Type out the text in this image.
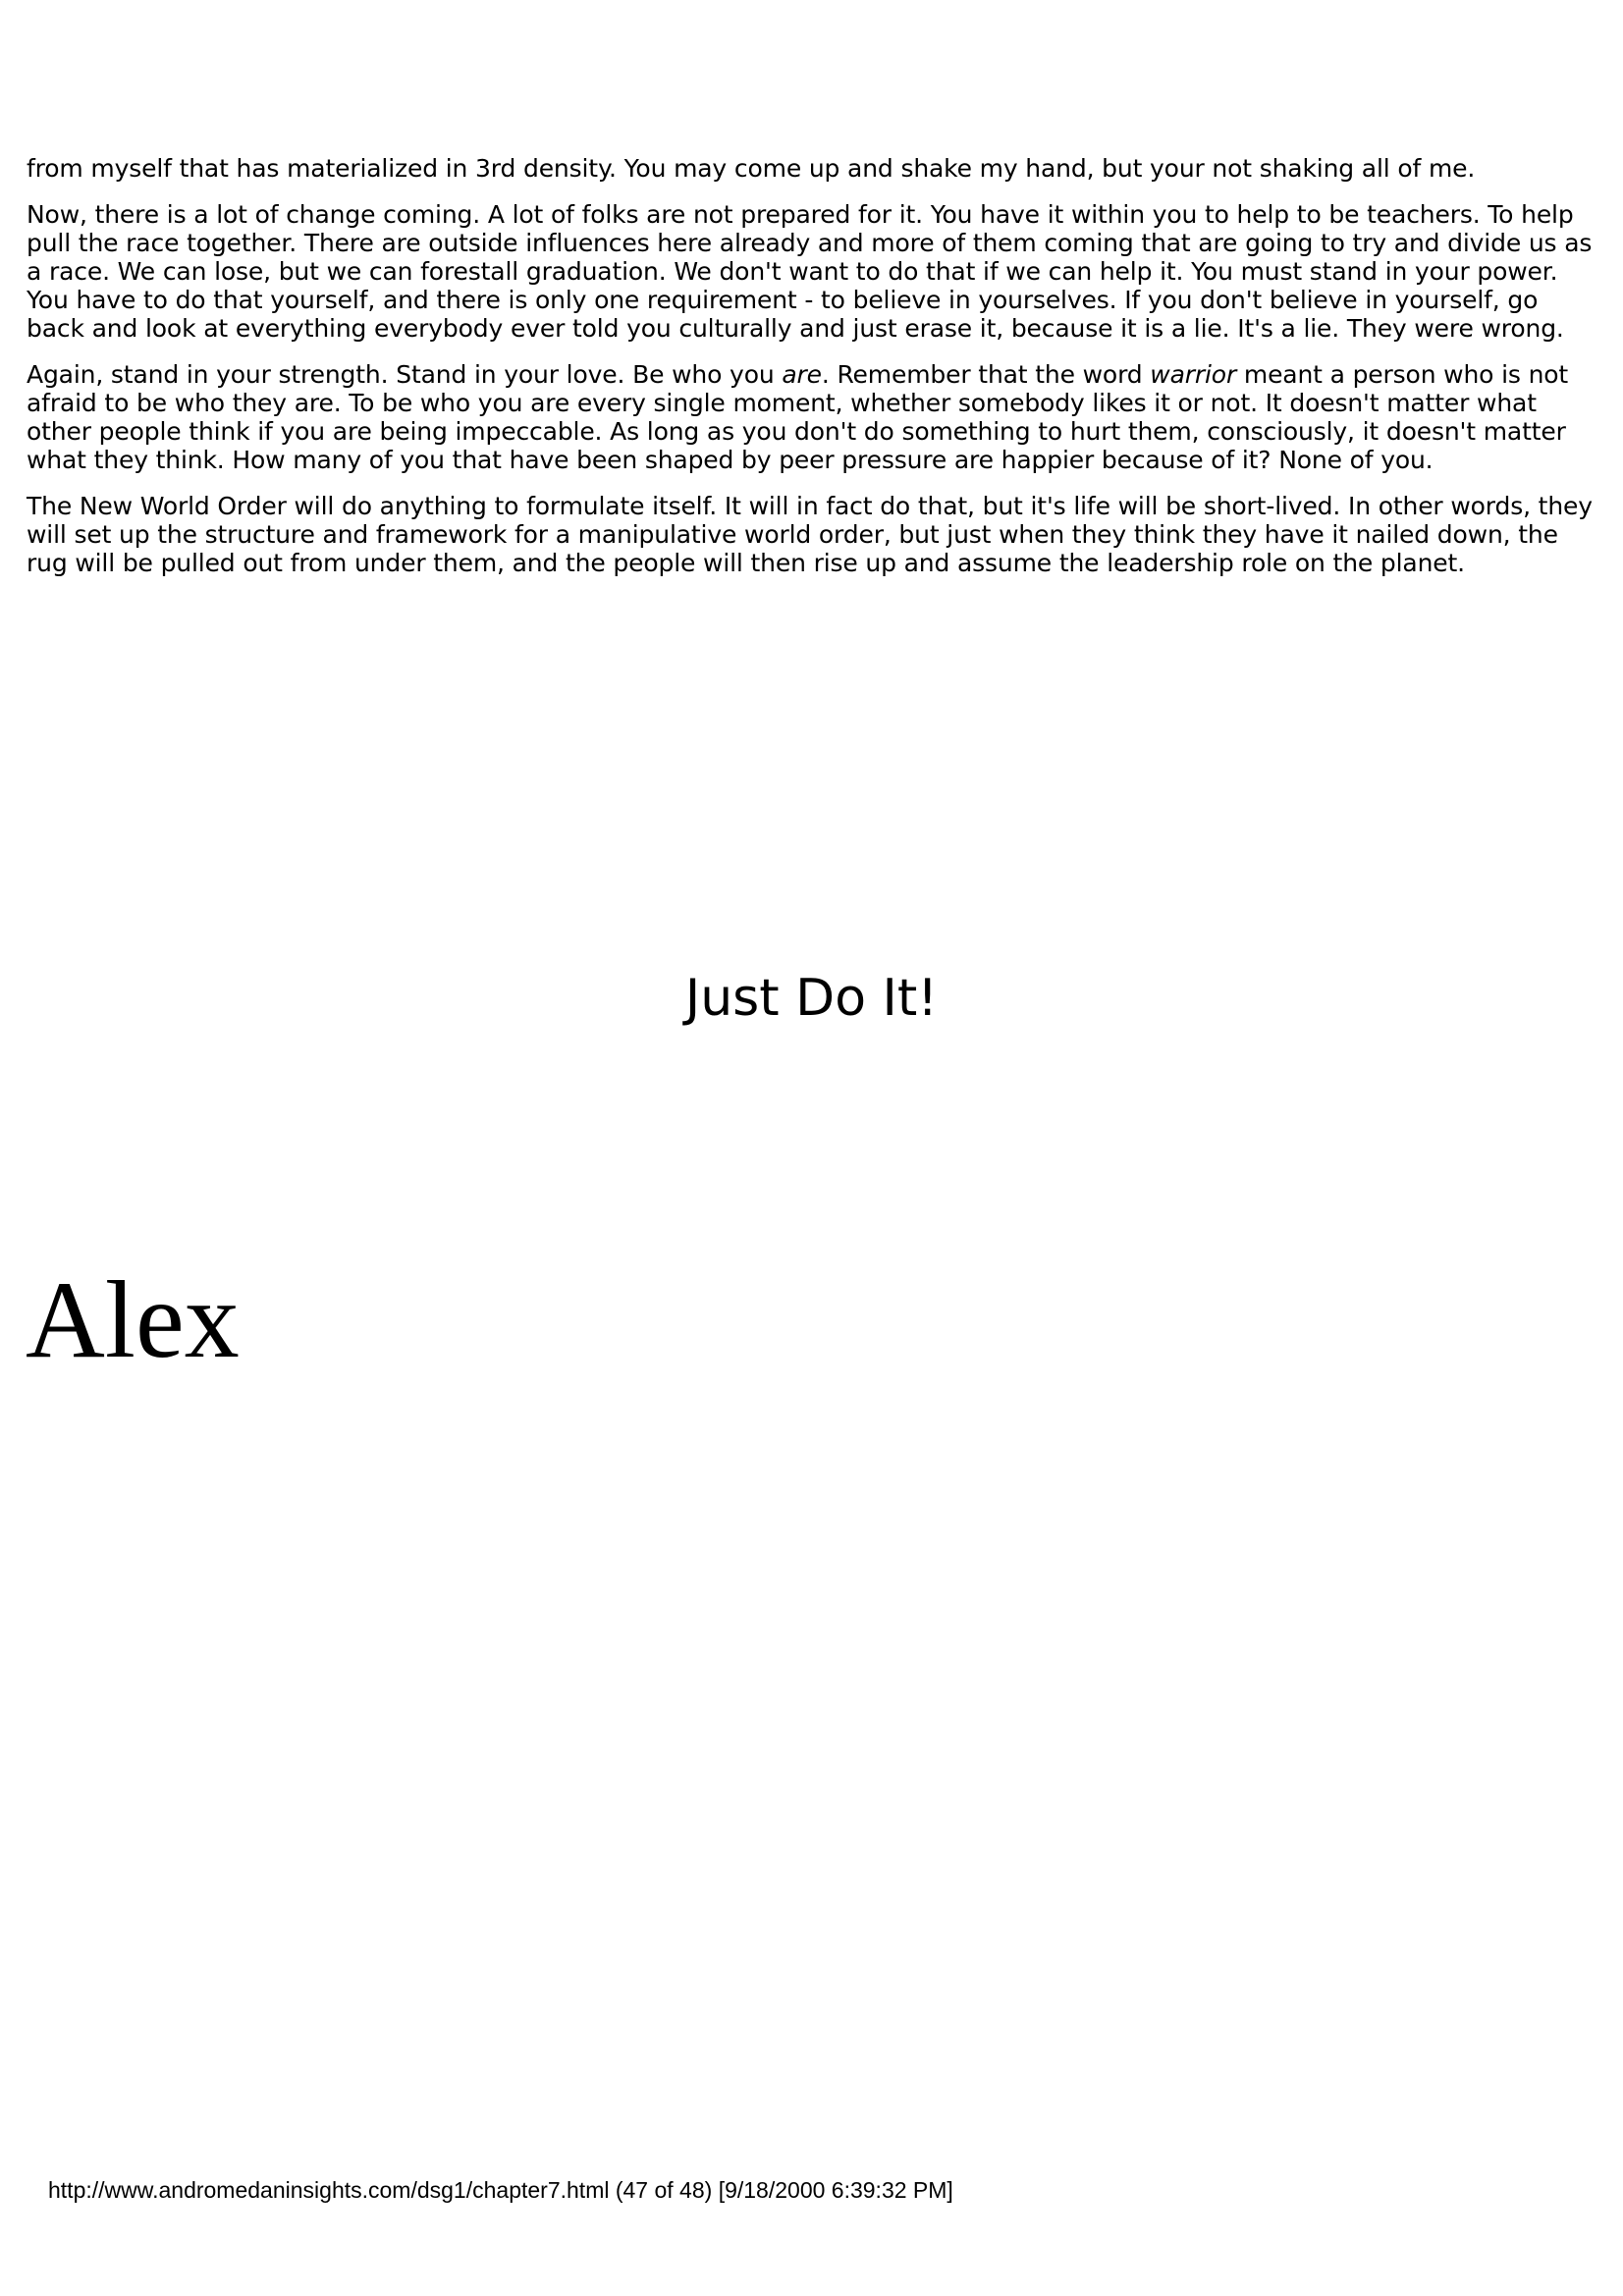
from myself that has materialized in 3rd density. You may come up and shake my hand, but your not shaking all of me.

Now, there is a lot of change coming. A lot of folks are not prepared for it. You have it within you to help to be teachers. To help pull the race together. There are outside influences here already and more of them coming that are going to try and divide us as a race. We can lose, but we can forestall graduation. We don't want to do that if we can help it. You must stand in your power. You have to do that yourself, and there is only one requirement - to believe in yourselves. If you don't believe in yourself, go back and look at everything everybody ever told you culturally and just erase it, because it is a lie. It's a lie. They were wrong.

Again, stand in your strength. Stand in your love. Be who you are. Remember that the word warrior meant a person who is not afraid to be who they are. To be who you are every single moment, whether somebody likes it or not. It doesn't matter what other people think if you are being impeccable. As long as you don't do something to hurt them, consciously, it doesn't matter what they think. How many of you that have been shaped by peer pressure are happier because of it? None of you.

The New World Order will do anything to formulate itself. It will in fact do that, but it's life will be short-lived. In other words, they will set up the structure and framework for a manipulative world order, but just when they think they have it nailed down, the rug will be pulled out from under them, and the people will then rise up and assume the leadership role on the planet.

Just Do It!
Alex
http://www.andromedaninsights.com/dsg1/chapter7.html (47 of 48) [9/18/2000 6:39:32 PM]
